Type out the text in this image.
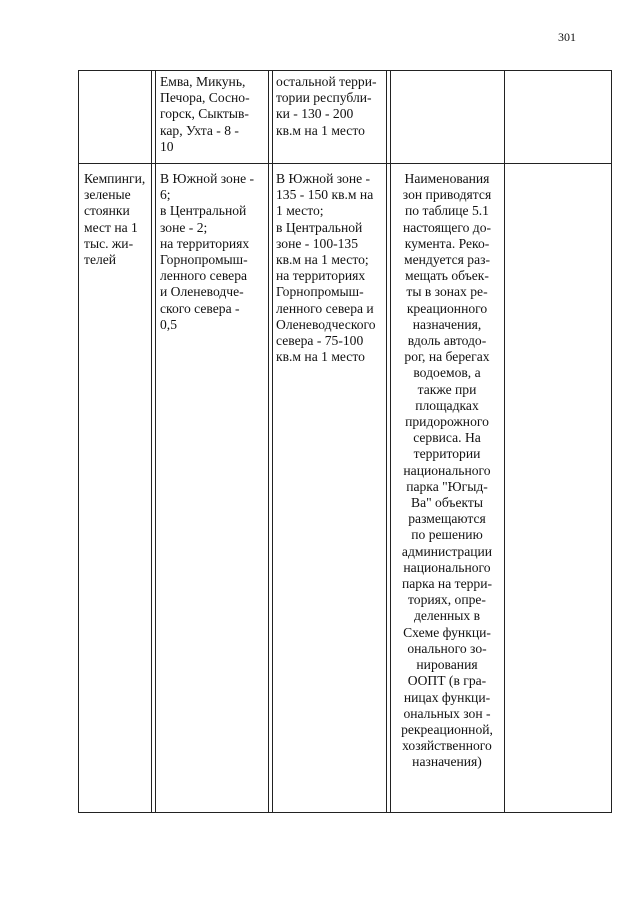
301
Емва, Микунь,
Печора, Сосно-
горск, Сыктыв-
кар, Ухта - 8 -
10
остальной терри-
тории республи-
ки - 130 - 200
кв.м на 1 место
Кемпинги,
зеленые
стоянки
мест на 1
тыс. жи-
телей
В Южной зоне -
6;
в Центральной
зоне - 2;
на территориях
Горнопромыш-
ленного севера
и Оленеводче-
ского севера -
0,5
В Южной зоне -
135 - 150 кв.м на
1 место;
в Центральной
зоне - 100-135
кв.м на 1 место;
на территориях
Горнопромыш-
ленного севера и
Оленеводческого
севера - 75-100
кв.м на 1 место
Наименования
зон приводятся
по таблице 5.1
настоящего до-
кумента. Реко-
мендуется раз-
мещать объек-
ты в зонах ре-
креационного
назначения,
вдоль автодо-
рог, на берегах
водоемов, а
также при
площадках
придорожного
сервиса. На
территории
национального
парка "Югыд-
Ва" объекты
размещаются
по решению
администрации
национального
парка на терри-
ториях, опре-
деленных в
Схеме функци-
онального зо-
нирования
ООПТ (в гра-
ницах функци-
ональных зон -
рекреационной,
хозяйственного
назначения)
